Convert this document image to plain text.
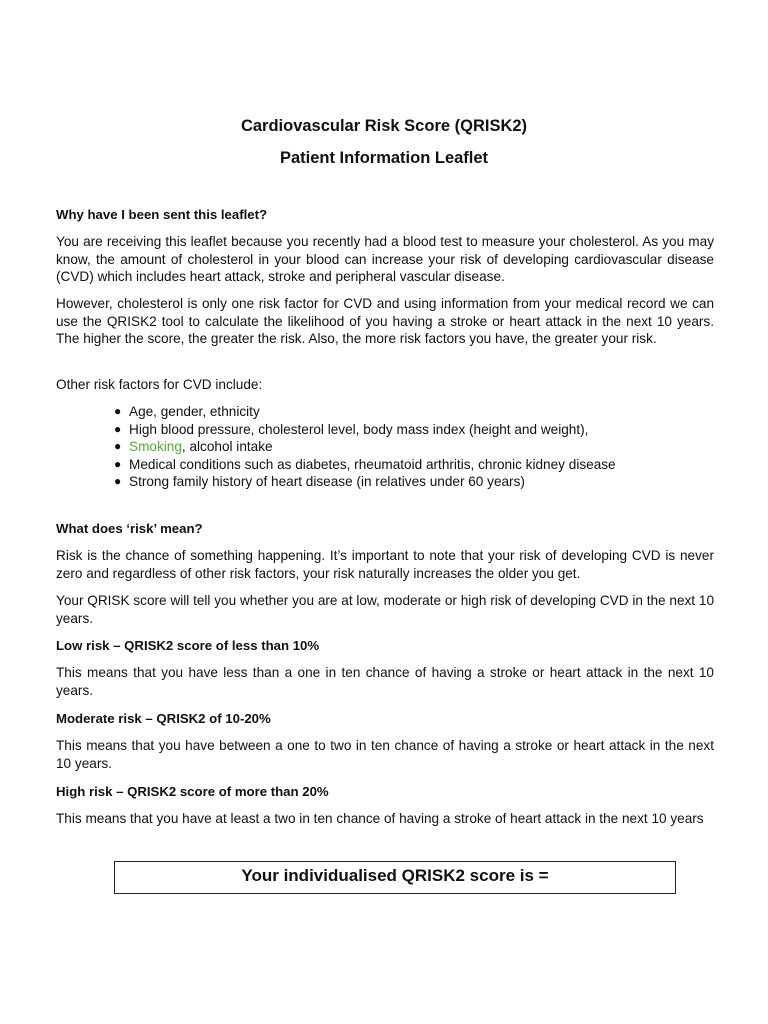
Cardiovascular Risk Score (QRISK2)
Patient Information Leaflet
Why have I been sent this leaflet?
You are receiving this leaflet because you recently had a blood test to measure your cholesterol. As you may know, the amount of cholesterol in your blood can increase your risk of developing cardiovascular disease (CVD) which includes heart attack, stroke and peripheral vascular disease.
However, cholesterol is only one risk factor for CVD and using information from your medical record we can use the QRISK2 tool to calculate the likelihood of you having a stroke or heart attack in the next 10 years. The higher the score, the greater the risk. Also, the more risk factors you have, the greater your risk.
Other risk factors for CVD include:
● Age, gender, ethnicity
● High blood pressure, cholesterol level, body mass index (height and weight),
● Smoking, alcohol intake
● Medical conditions such as diabetes, rheumatoid arthritis, chronic kidney disease
● Strong family history of heart disease (in relatives under 60 years)
What does ‘risk’ mean?
Risk is the chance of something happening. It’s important to note that your risk of developing CVD is never zero and regardless of other risk factors, your risk naturally increases the older you get.
Your QRISK score will tell you whether you are at low, moderate or high risk of developing CVD in the next 10 years.
Low risk – QRISK2 score of less than 10%
This means that you have less than a one in ten chance of having a stroke or heart attack in the next 10 years.
Moderate risk – QRISK2 of 10-20%
This means that you have between a one to two in ten chance of having a stroke or heart attack in the next 10 years.
High risk – QRISK2 score of more than 20%
This means that you have at least a two in ten chance of having a stroke of heart attack in the next 10 years
Your individualised QRISK2 score is =
